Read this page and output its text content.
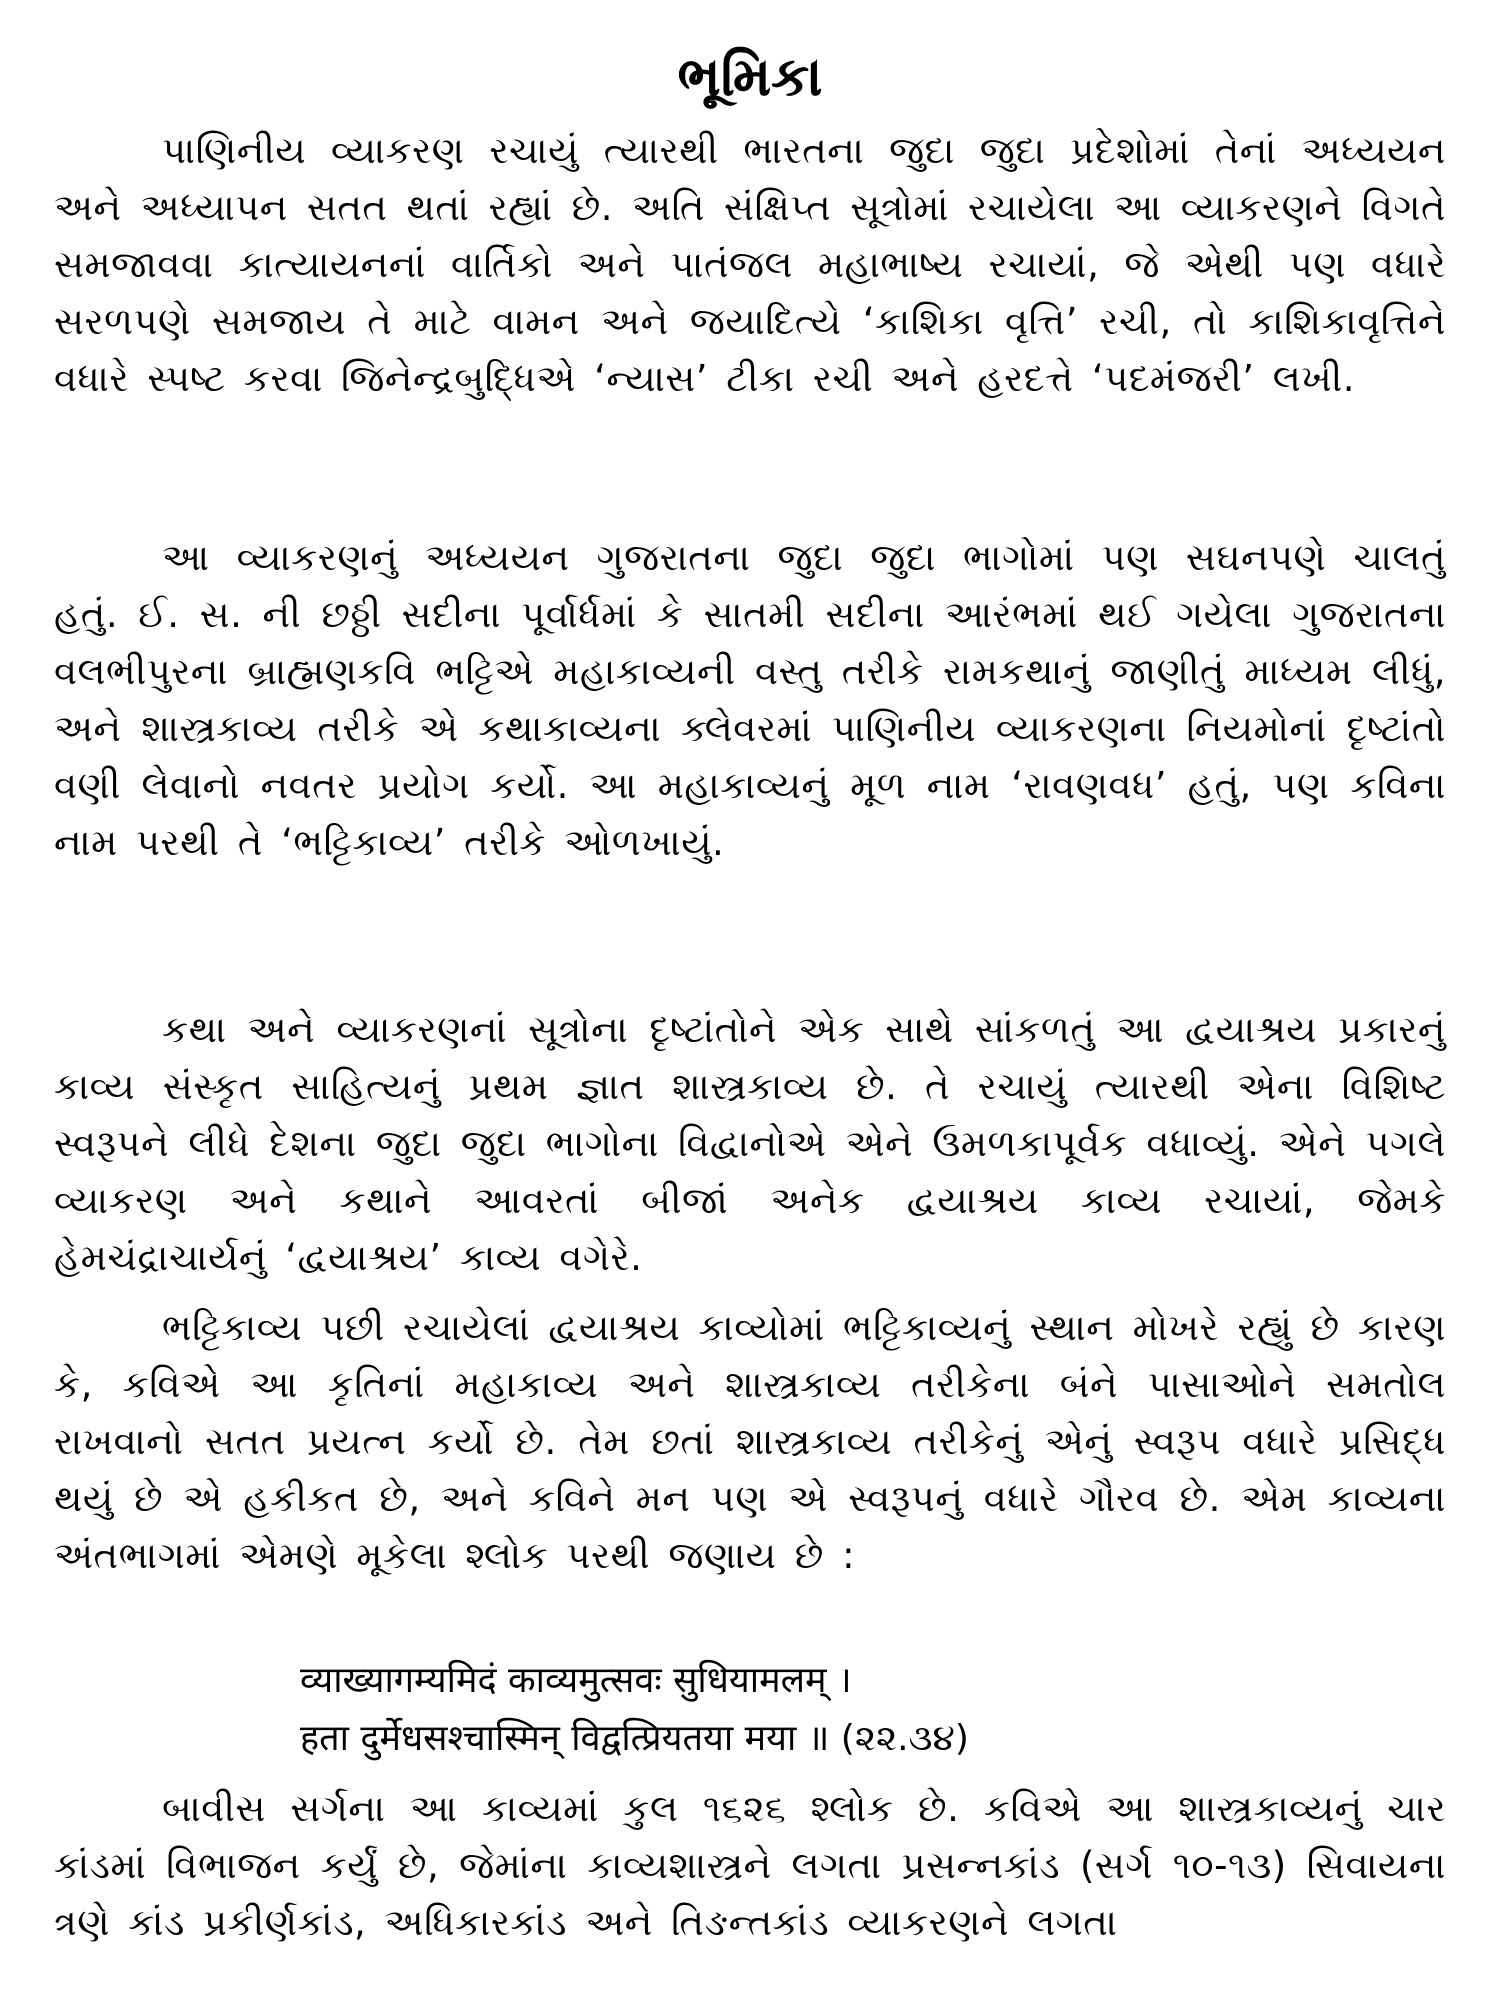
ભૂમિકા

પાણિનીય વ્યાકરણ રચાયું ત્યારથી ભારતના જુદા જુદા પ્રદેશોમાં તેનાં અધ્યયન અને અધ્યાપન સતત થતાં રહ્યાં છે. અતિ સંક્ષિપ્ત સૂત્રોમાં રચાયેલા આ વ્યાકરણને વિગતે સમજાવવા કાત્યાયનનાં વાર્તિકો અને પાતંજલ મહાભાષ્ય રચાયાં, જે એથી પણ વધારે સરળપણે સમજાય તે માટે વામન અને જયાદિત્યે ‘કાશિકા વૃત્તિ’ રચી, તો કાશિકાવૃત્તિને વધારે સ્પષ્ટ કરવા જિનેન્દ્રબુદ્ધિએ ‘ન્યાસ’ ટીકા રચી અને હરદત્તે ‘પદમંજરી’ લખી.

આ વ્યાકરણનું અધ્યયન ગુજરાતના જુદા જુદા ભાગોમાં પણ સઘનપણે ચાલતું હતું. ઈ. સ. ની છઠ્ઠી સદીના પૂર્વાર્ધમાં કે સાતમી સદીના આરંભમાં થઈ ગયેલા ગુજરાતના વલભીપુરના બ્રાહ્મણકવિ ભટ્ટિએ મહાકાવ્યની વસ્તુ તરીકે રામકથાનું જાણીતું માધ્યમ લીધું, અને શાસ્ત્રકાવ્ય તરીકે એ કથાકાવ્યના ક્લેવરમાં પાણિનીય વ્યાકરણના નિયમોનાં દૃષ્ટાંતો વણી લેવાનો નવતર પ્રયોગ કર્યો. આ મહાકાવ્યનું મૂળ નામ ‘રાવણવધ’ હતું, પણ કવિના નામ પરથી તે ‘ભટ્ટિકાવ્ય’ તરીકે ઓળખાયું.

કથા અને વ્યાકરણનાં સૂત્રોના દૃષ્ટાંતોને એક સાથે સાંકળતું આ દ્વયાશ્રય પ્રકારનું કાવ્ય સંસ્કૃત સાહિત્યનું પ્રથમ જ્ઞાત શાસ્ત્રકાવ્ય છે. તે રચાયું ત્યારથી એના વિશિષ્ટ સ્વરૂપને લીધે દેશના જુદા જુદા ભાગોના વિદ્વાનોએ એને ઉમળકાપૂર્વક વધાવ્યું. એને પગલે વ્યાકરણ અને કથાને આવરતાં બીજાં અનેક દ્વયાશ્રય કાવ્ય રચાયાં, જેમકે હેમચંદ્રાચાર્યનું ‘દ્વયાશ્રય’ કાવ્ય વગેરે.

ભટ્ટિકાવ્ય પછી રચાયેલાં દ્વયાશ્રય કાવ્યોમાં ભટ્ટિકાવ્યનું સ્થાન મોખરે રહ્યું છે કારણ કે, કવિએ આ કૃતિનાં મહાકાવ્ય અને શાસ્ત્રકાવ્ય તરીકેના બંને પાસાઓને સમતોલ રાખવાનો સતત પ્રયત્ન કર્યો છે. તેમ છતાં શાસ્ત્રકાવ્ય તરીકેનું એનું સ્વરૂપ વધારે પ્રસિદ્ધ થયું છે એ હકીકત છે, અને કવિને મન પણ એ સ્વરૂપનું વધારે ગૌરવ છે. એમ કાવ્યના અંતભાગમાં એમણે મૂકેલા શ્લોક પરથી જણાય છે :

व्याख्यागम्यमिदं काव्यमुत्सवः सुधियामलम् ।
हता दुर्मेधसश्चास्मिन् विद्वत्प्रियतया मया ॥ (૨૨.૩૪)

બાવીસ સર્ગના આ કાવ્યમાં કુલ ૧૬૨૬ શ્લોક છે. કવિએ આ શાસ્ત્રકાવ્યનું ચાર કાંડમાં વિભાજન કર્યું છે, જેમાંના કાવ્યશાસ્ત્રને લગતા પ્રસન્નકાંડ (સર્ગ ૧૦-૧૩) સિવાયના ત્રણે કાંડ પ્રકીર્ણકાંડ, અધિકારકાંડ અને તિઙન્તકાંડ વ્યાકરણને લગતા
